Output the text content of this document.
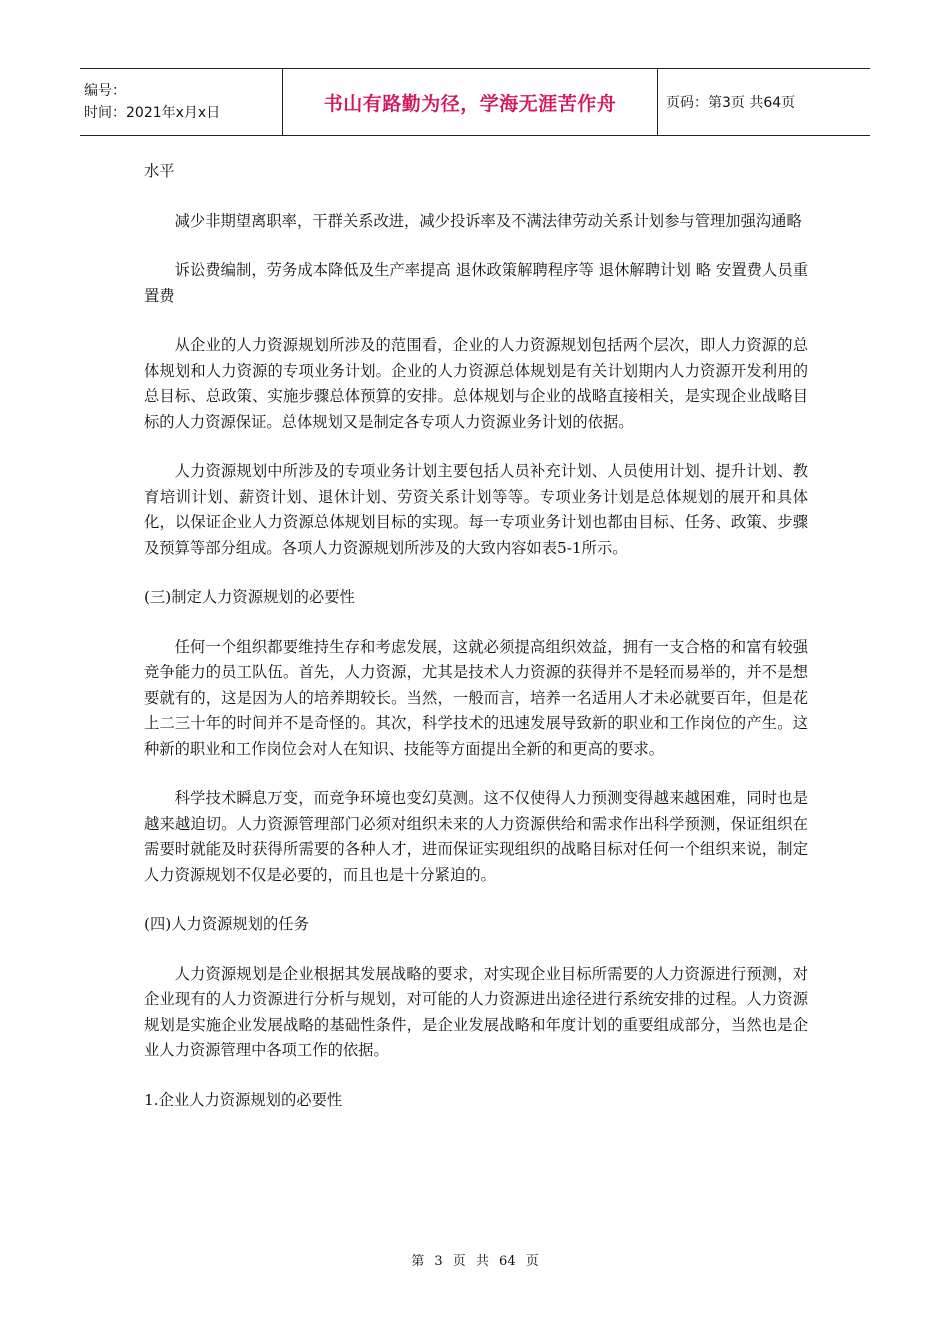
编号：
时间：2021年x月x日	书山有路勤为径，学海无涯苦作舟	页码：第3页 共64页

水平

减少非期望离职率，干群关系改进，减少投诉率及不满法律劳动关系计划参与管理加强沟通略

诉讼费编制，劳务成本降低及生产率提高 退休政策解聘程序等 退休解聘计划 略 安置费人员重置费

从企业的人力资源规划所涉及的范围看，企业的人力资源规划包括两个层次，即人力资源的总体规划和人力资源的专项业务计划。企业的人力资源总体规划是有关计划期内人力资源开发利用的总目标、总政策、实施步骤总体预算的安排。总体规划与企业的战略直接相关，是实现企业战略目标的人力资源保证。总体规划又是制定各专项人力资源业务计划的依据。

人力资源规划中所涉及的专项业务计划主要包括人员补充计划、人员使用计划、提升计划、教育培训计划、薪资计划、退休计划、劳资关系计划等等。专项业务计划是总体规划的展开和具体化，以保证企业人力资源总体规划目标的实现。每一专项业务计划也都由目标、任务、政策、步骤及预算等部分组成。各项人力资源规划所涉及的大致内容如表5-1所示。

(三)制定人力资源规划的必要性

任何一个组织都要维持生存和考虑发展，这就必须提高组织效益，拥有一支合格的和富有较强竞争能力的员工队伍。首先，人力资源，尤其是技术人力资源的获得并不是轻而易举的，并不是想要就有的，这是因为人的培养期较长。当然，一般而言，培养一名适用人才未必就要百年，但是花上二三十年的时间并不是奇怪的。其次，科学技术的迅速发展导致新的职业和工作岗位的产生。这种新的职业和工作岗位会对人在知识、技能等方面提出全新的和更高的要求。

科学技术瞬息万变，而竞争环境也变幻莫测。这不仅使得人力预测变得越来越困难，同时也是越来越迫切。人力资源管理部门必须对组织未来的人力资源供给和需求作出科学预测，保证组织在需要时就能及时获得所需要的各种人才，进而保证实现组织的战略目标对任何一个组织来说，制定人力资源规划不仅是必要的，而且也是十分紧迫的。

(四)人力资源规划的任务

人力资源规划是企业根据其发展战略的要求，对实现企业目标所需要的人力资源进行预测，对企业现有的人力资源进行分析与规划，对可能的人力资源进出途径进行系统安排的过程。人力资源规划是实施企业发展战略的基础性条件，是企业发展战略和年度计划的重要组成部分，当然也是企业人力资源管理中各项工作的依据。

1.企业人力资源规划的必要性

第 3 页 共 64 页
